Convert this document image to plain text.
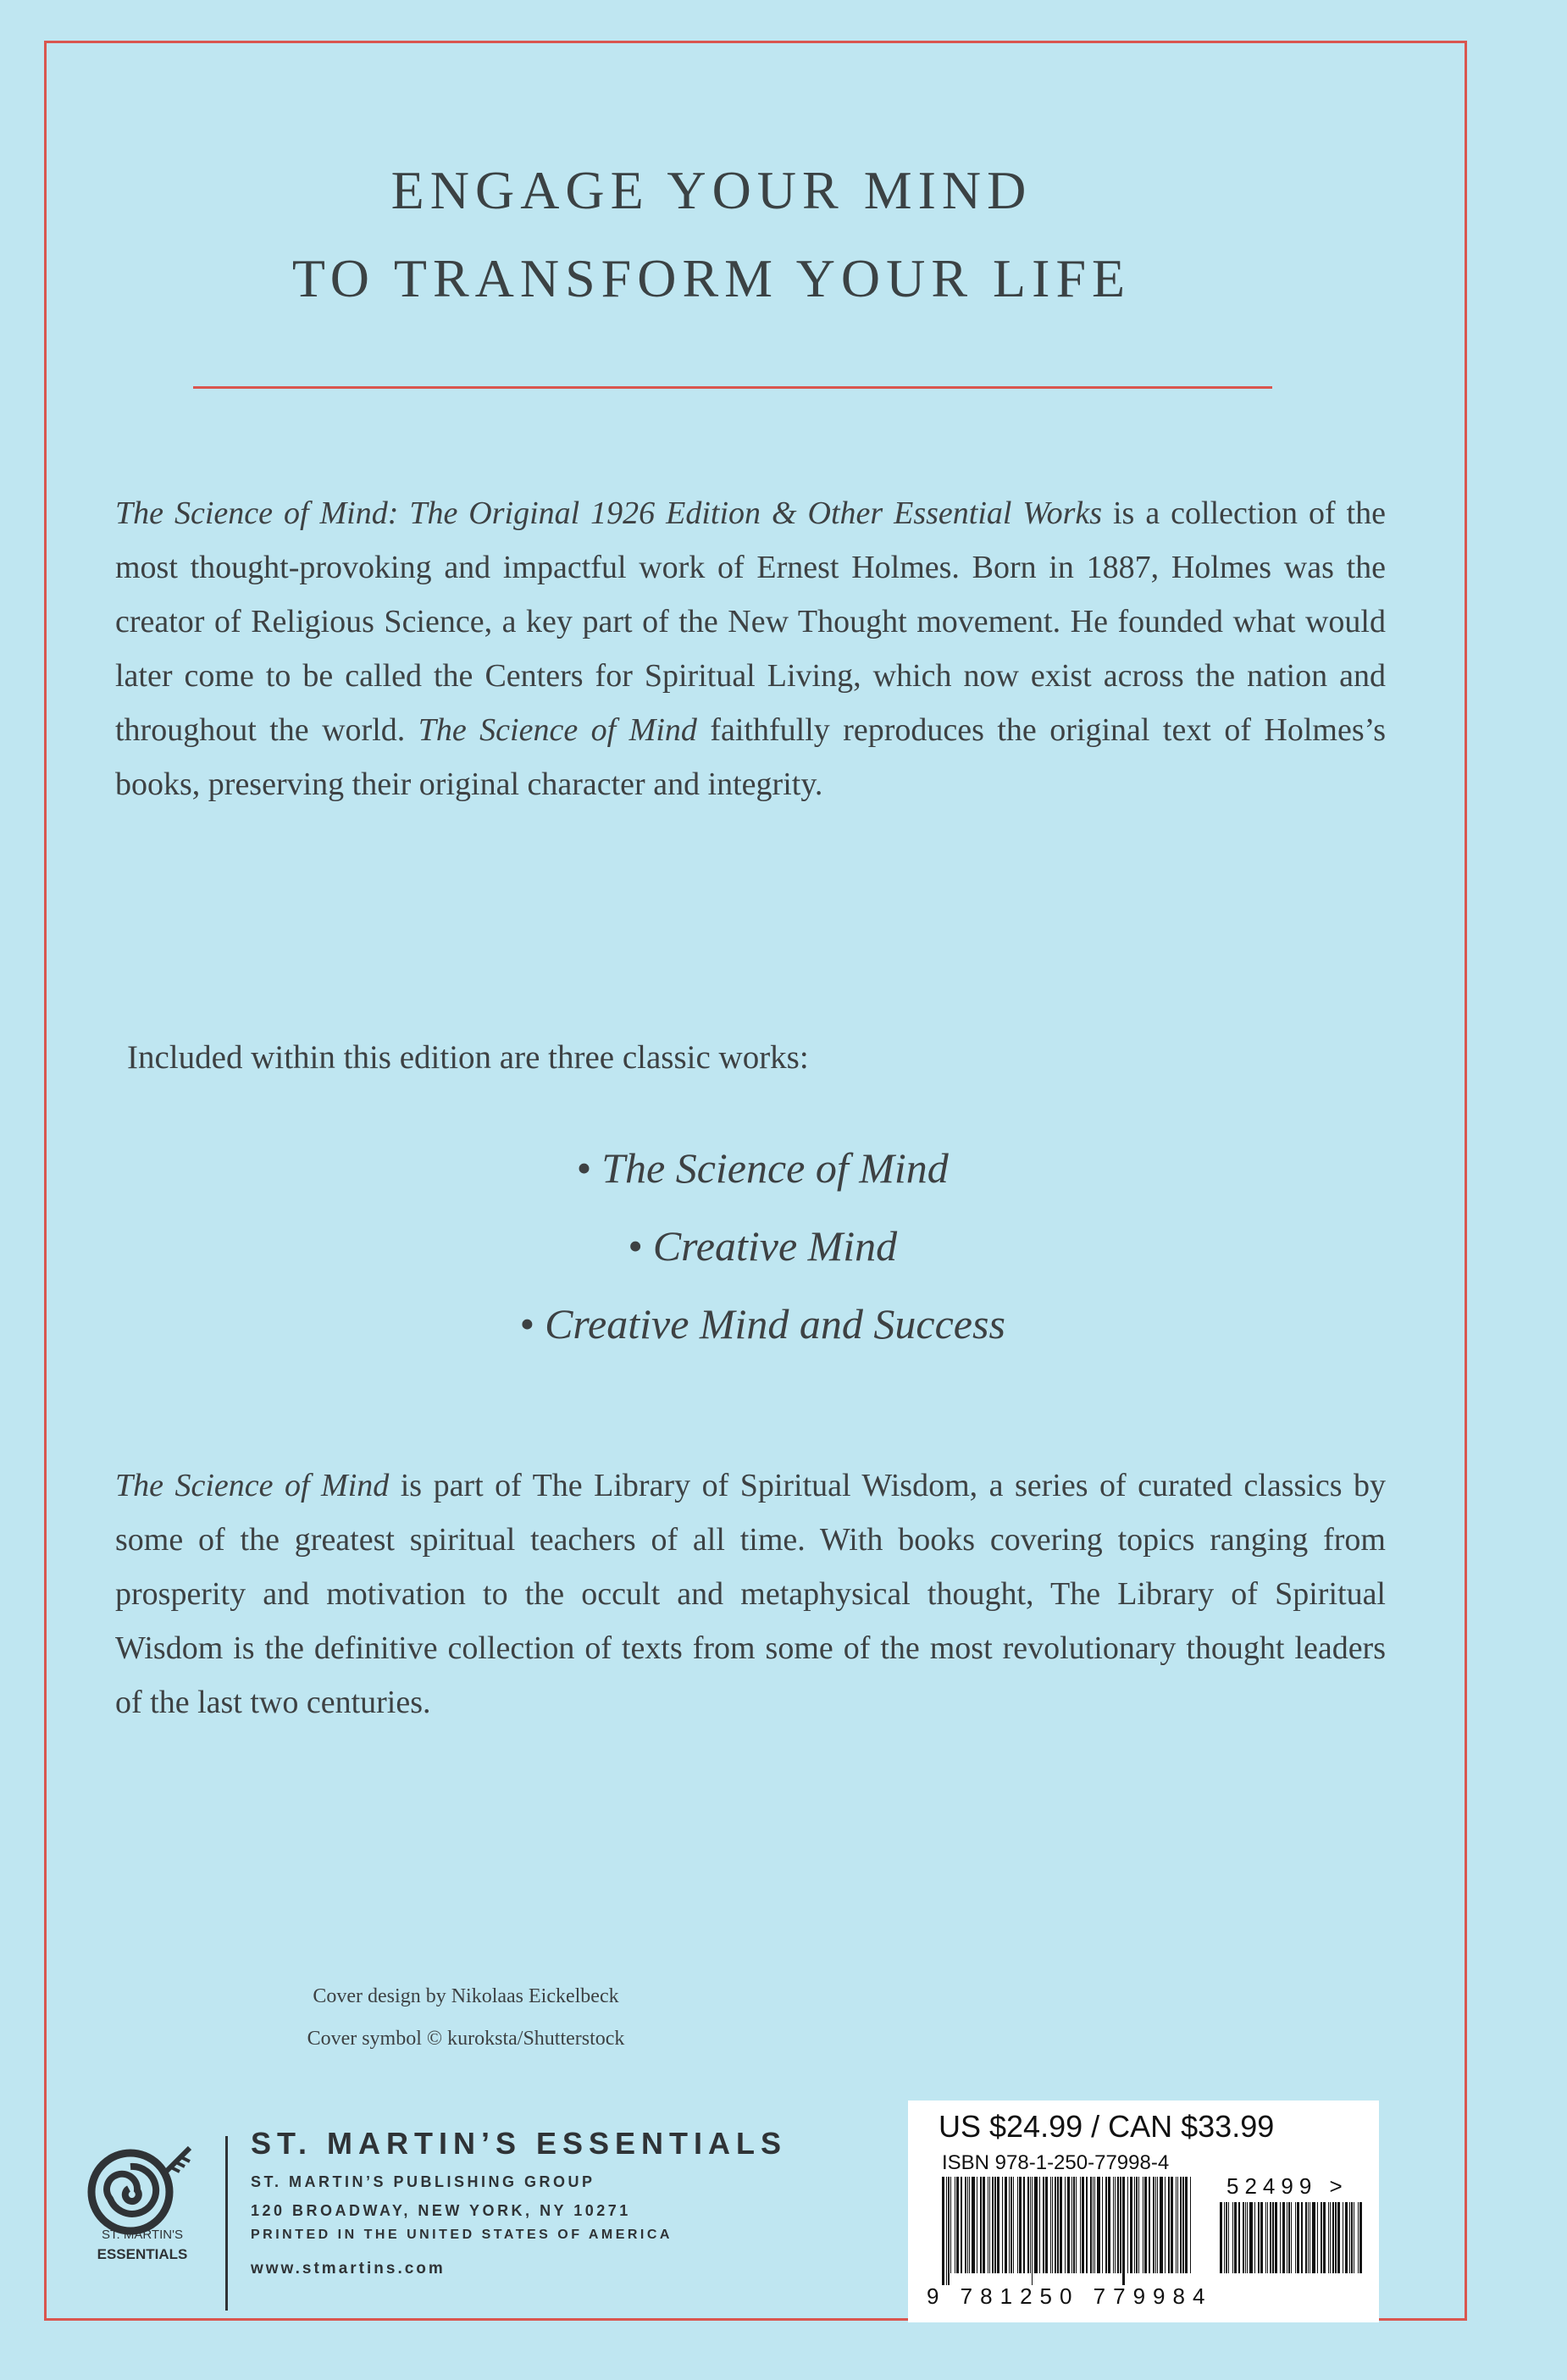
ENGAGE YOUR MIND
TO TRANSFORM YOUR LIFE

The Science of Mind: The Original 1926 Edition & Other Essential Works is a collection of the most thought-provoking and impactful work of Ernest Holmes. Born in 1887, Holmes was the creator of Religious Science, a key part of the New Thought movement. He founded what would later come to be called the Centers for Spiritual Living, which now exist across the nation and throughout the world. The Science of Mind faithfully reproduces the original text of Holmes’s books, preserving their original character and integrity.

Included within this edition are three classic works:
• The Science of Mind
• Creative Mind
• Creative Mind and Success

The Science of Mind is part of The Library of Spiritual Wisdom, a series of curated classics by some of the greatest spiritual teachers of all time. With books covering topics ranging from prosperity and motivation to the occult and metaphysical thought, The Library of Spiritual Wisdom is the definitive collection of texts from some of the most revolutionary thought leaders of the last two centuries.

Cover design by Nikolaas Eickelbeck
Cover symbol © kuroksta/Shutterstock
ST. MARTIN'S
ESSENTIALS
ST. MARTIN’S ESSENTIALS
ST. MARTIN’S PUBLISHING GROUP
120 BROADWAY, NEW YORK, NY 10271
PRINTED IN THE UNITED STATES OF AMERICA
www.stmartins.com
US $24.99 / CAN $33.99
ISBN 978-1-250-77998-4
52499 >
9 781250 779984
